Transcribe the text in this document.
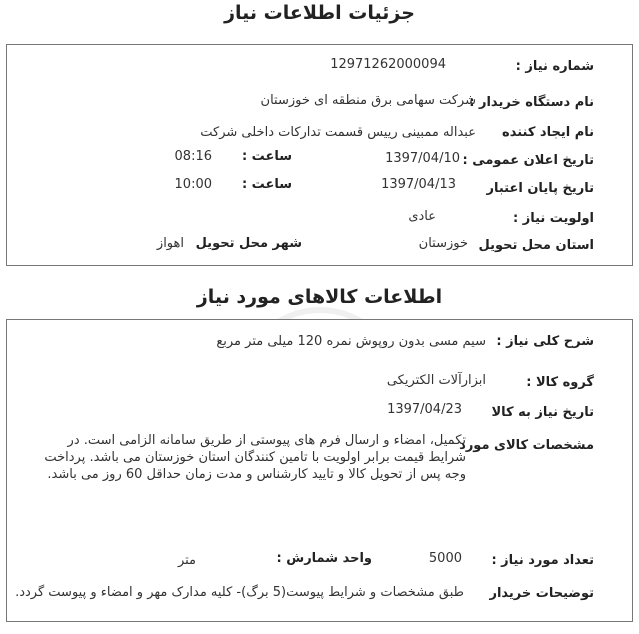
جزئیات اطلاعات نیاز
شماره نیاز :
12971262000094
نام دستگاه خریدار :
شرکت سهامی برق منطقه ای خوزستان
نام ایجاد کننده
عبداله ممبینی رییس قسمت تدارکات داخلی شرکت
تاریخ اعلان عمومی :
1397/04/10
ساعت :
08:16
تاریخ پایان اعتبار
1397/04/13
ساعت :
10:00
اولویت نیاز :
عادی
استان محل تحویل
خوزستان
شهر محل تحویل
اهواز
اطلاعات کالاهای مورد نیاز
شرح کلی نیاز :
سیم مسی بدون روپوش نمره 120 میلی متر مربع
گروه کالا :
ابزارآلات الکتریکی
تاریخ نیاز به کالا
1397/04/23
مشخصات کالای مورد
تکمیل، امضاء و ارسال فرم های پیوستی از طریق سامانه الزامی است. در شرایط قیمت برابر اولویت با تامین کنندگان استان خوزستان می باشد. پرداخت وجه پس از تحویل کالا و تایید کارشناس و مدت زمان حداقل 60 روز می باشد.
تعداد مورد نیاز :
5000
واحد شمارش :
متر
توضیحات خریدار
طبق مشخصات و شرایط پیوست(5 برگ)- کلیه مدارک مهر و امضاء و پیوست گردد.
